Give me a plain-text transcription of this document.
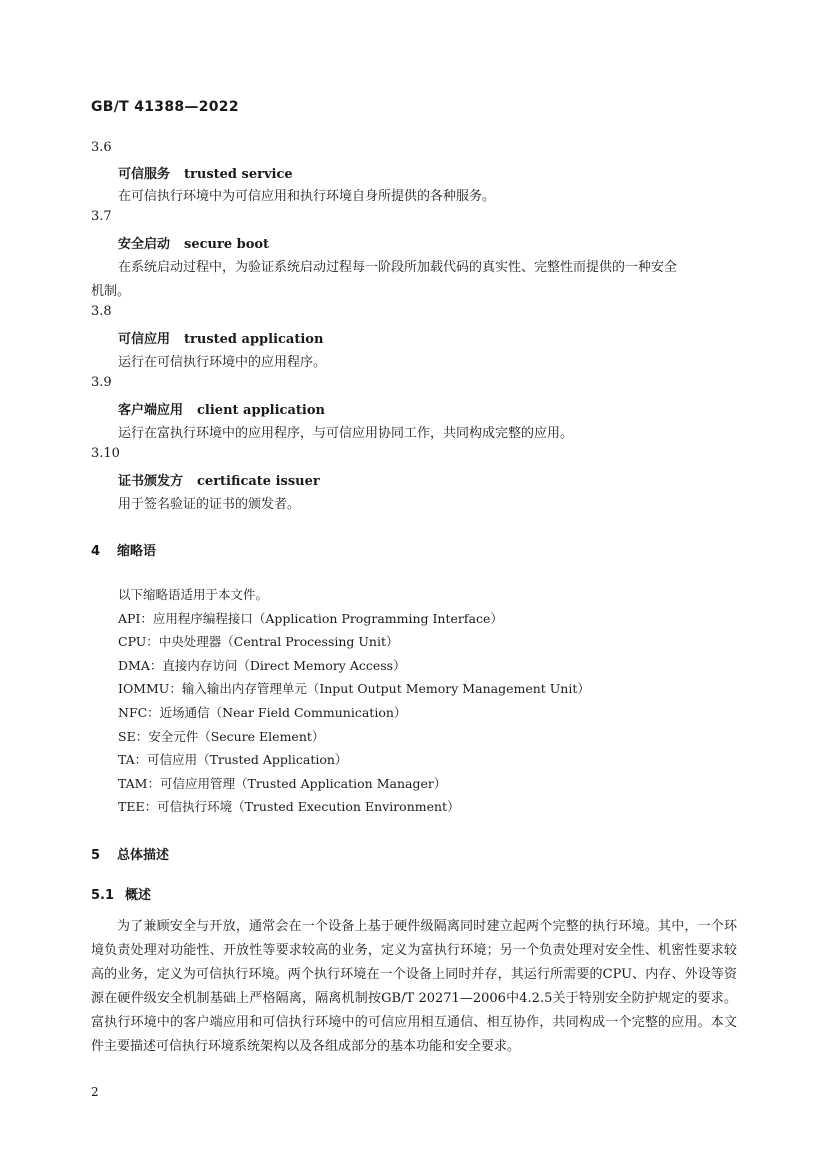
GB/T 41388—2022
3.6
可信服务 trusted service
在可信执行环境中为可信应用和执行环境自身所提供的各种服务。
3.7
安全启动 secure boot
在系统启动过程中，为验证系统启动过程每一阶段所加载代码的真实性、完整性而提供的一种安全
机制。
3.8
可信应用 trusted application
运行在可信执行环境中的应用程序。
3.9
客户端应用 client application
运行在富执行环境中的应用程序，与可信应用协同工作，共同构成完整的应用。
3.10
证书颁发方 certificate issuer
用于签名验证的证书的颁发者。
4 缩略语
以下缩略语适用于本文件。
API：应用程序编程接口（Application Programming Interface）
CPU：中央处理器（Central Processing Unit）
DMA：直接内存访问（Direct Memory Access）
IOMMU：输入输出内存管理单元（Input Output Memory Management Unit）
NFC：近场通信（Near Field Communication）
SE：安全元件（Secure Element）
TA：可信应用（Trusted Application）
TAM：可信应用管理（Trusted Application Manager）
TEE：可信执行环境（Trusted Execution Environment）
5 总体描述
5.1 概述

为了兼顾安全与开放，通常会在一个设备上基于硬件级隔离同时建立起两个完整的执行环境。其中，一个环境负责处理对功能性、开放性等要求较高的业务，定义为富执行环境；另一个负责处理对安全性、机密性要求较高的业务，定义为可信执行环境。两个执行环境在一个设备上同时并存，其运行所需要的CPU、内存、外设等资源在硬件级安全机制基础上严格隔离，隔离机制按GB/T 20271—2006中4.2.5关于特别安全防护规定的要求。富执行环境中的客户端应用和可信执行环境中的可信应用相互通信、相互协作，共同构成一个完整的应用。本文件主要描述可信执行环境系统架构以及各组成部分的基本功能和安全要求。

2
